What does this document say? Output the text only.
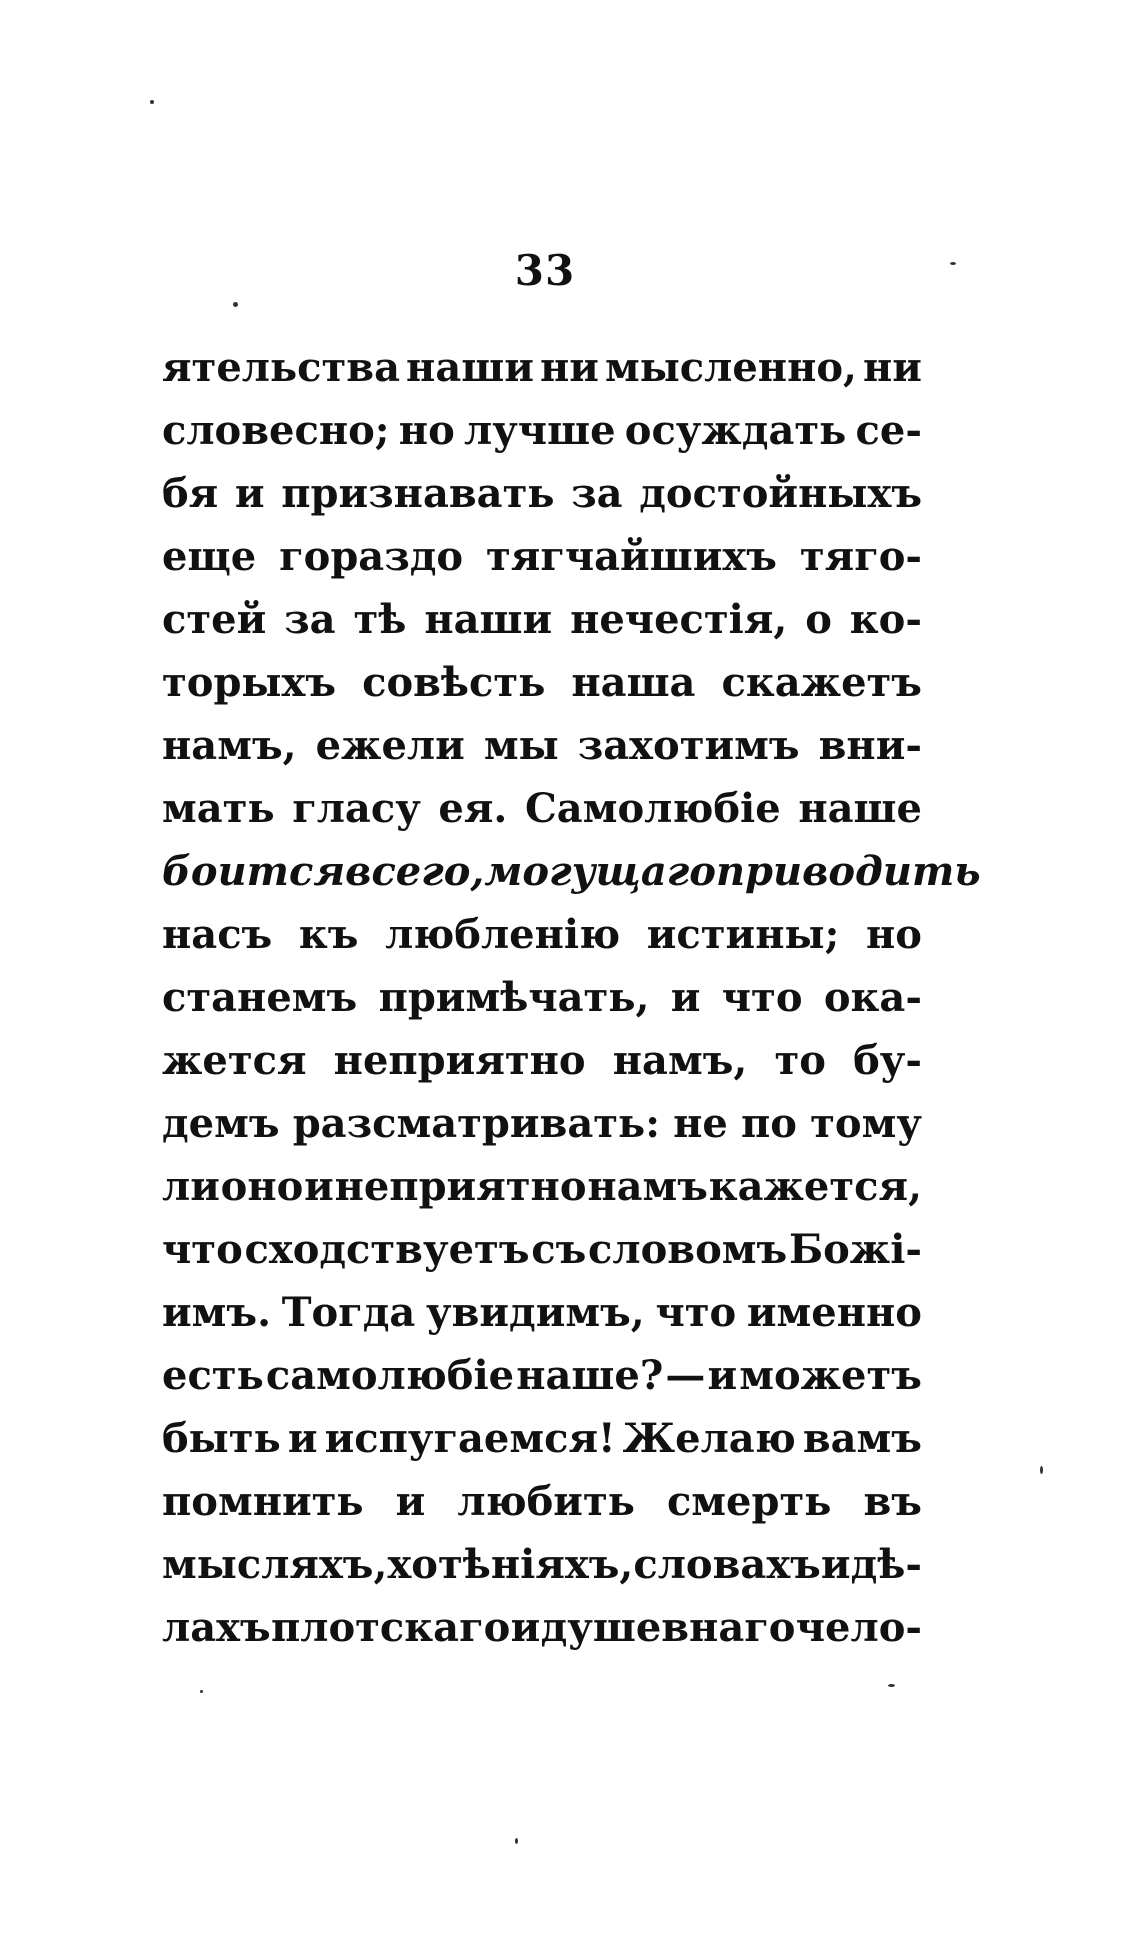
33
ятельства наши ни мысленно, ни
словесно; но лучше осуждать се-
бя и признавать за достойныхъ
еще гораздо тягчайшихъ тяго-
стей за тѣ наши нечестія, о ко-
торыхъ совѣсть наша скажетъ
намъ, ежели мы захотимъ вни-
мать гласу ея. Самолюбіе наше
боится всего, могущаго приводить
насъ къ любленію истины; но
станемъ примѣчать, и что ока-
жется неприятно намъ, то бу-
демъ разсматривать: не по тому
ли оно и неприятно намъ кажется,
что сходствуетъ съ словомъ Божі-
имъ. Тогда увидимъ, что именно
есть самолюбіе наше? — и можетъ
быть и испугаемся! Желаю вамъ
помнить и любить смерть въ
мысляхъ, хотѣніяхъ, словахъ и дѣ-
лахъ плотскаго и душевнаго чело-
